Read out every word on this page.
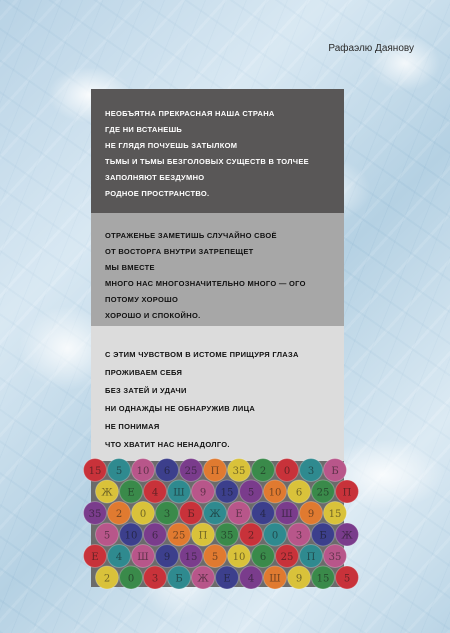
Рафаэлю Даянову
НЕОБЪЯТНА ПРЕКРАСНАЯ НАША СТРАНА
ГДЕ НИ ВСТАНЕШЬ
НЕ ГЛЯДЯ ПОЧУЕШЬ ЗАТЫЛКОМ
ТЬМЫ И ТЬМЫ БЕЗГОЛОВЫХ СУЩЕСТВ В ТОЛЧЕЕ
ЗАПОЛНЯЮТ БЕЗДУМНО
РОДНОЕ ПРОСТРАНСТВО.
ОТРАЖЕНЬЕ ЗАМЕТИШЬ СЛУЧАЙНО СВОЁ
ОТ ВОСТОРГА ВНУТРИ ЗАТРЕПЕЩЕТ
МЫ ВМЕСТЕ
МНОГО НАС МНОГОЗНАЧИТЕЛЬНО МНОГО — ОГО
ПОТОМУ ХОРОШО
ХОРОШО И СПОКОЙНО.
С ЭТИМ ЧУВСТВОМ В ИСТОМЕ ПРИЩУРЯ ГЛАЗА
ПРОЖИВАЕМ СЕБЯ
БЕЗ ЗАТЕЙ И УДАЧИ
НИ ОДНАЖДЫ НЕ ОБНАРУЖИВ ЛИЦА
НЕ ПОНИМАЯ
ЧТО ХВАТИТ НАС НЕНАДОЛГО.
15 5 10 6 25 П 35 2 0 3 Б
Ж Е 4 Ш 9 15 5 10 6 25 П
35 2 0 3 Б Ж Е 4 Ш 9 15
5 10 6 25 П 35 2 0 3 Б Ж
Е 4 Ш 9 15 5 10 6 25 П 35
2 0 3 Б Ж Е 4 Ш 9 15 5
